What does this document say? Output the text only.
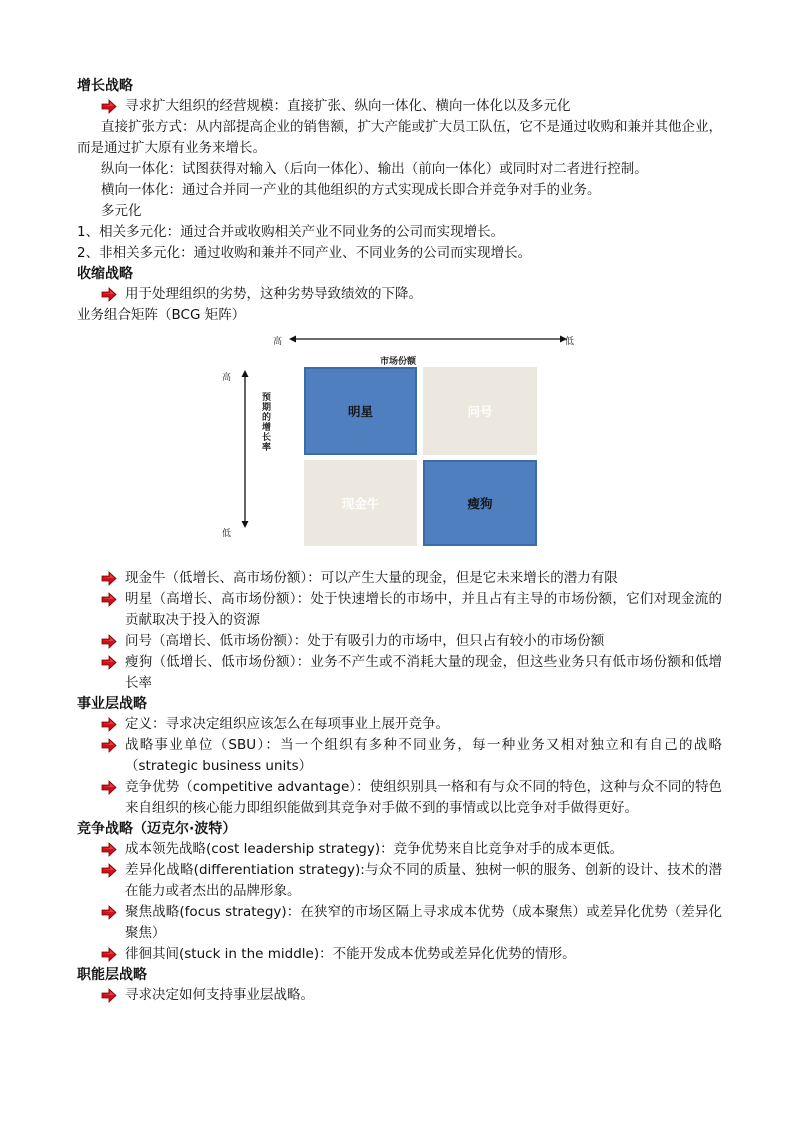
增长战略

寻求扩大组织的经营规模：直接扩张、纵向一体化、横向一体化以及多元化

直接扩张方式：从内部提高企业的销售额，扩大产能或扩大员工队伍，它不是通过收购和兼并其他企业，而是通过扩大原有业务来增长。

纵向一体化：试图获得对输入（后向一体化）、输出（前向一体化）或同时对二者进行控制。

横向一体化：通过合并同一产业的其他组织的方式实现成长即合并竞争对手的业务。

多元化

1、相关多元化：通过合并或收购相关产业不同业务的公司而实现增长。

2、非相关多元化：通过收购和兼并不同产业、不同业务的公司而实现增长。

收缩战略

用于处理组织的劣势，这种劣势导致绩效的下降。

业务组合矩阵（BCG 矩阵）

高	低
市场份额
高
低
预期的增长率
明星	问号
现金牛	瘦狗

现金牛（低增长、高市场份额）：可以产生大量的现金，但是它未来增长的潜力有限

明星（高增长、高市场份额）：处于快速增长的市场中，并且占有主导的市场份额，它们对现金流的贡献取决于投入的资源

问号（高增长、低市场份额）：处于有吸引力的市场中，但只占有较小的市场份额

瘦狗（低增长、低市场份额）：业务不产生或不消耗大量的现金，但这些业务只有低市场份额和低增长率

事业层战略

定义：寻求决定组织应该怎么在每项事业上展开竞争。

战略事业单位（SBU）：当一个组织有多种不同业务，每一种业务又相对独立和有自己的战略（strategic business units）

竞争优势（competitive advantage）：使组织别具一格和有与众不同的特色，这种与众不同的特色来自组织的核心能力即组织能做到其竞争对手做不到的事情或以比竞争对手做得更好。

竞争战略（迈克尔·波特）

成本领先战略(cost leadership strategy)：竞争优势来自比竞争对手的成本更低。

差异化战略(differentiation strategy):与众不同的质量、独树一帜的服务、创新的设计、技术的潜在能力或者杰出的品牌形象。

聚焦战略(focus strategy)：在狭窄的市场区隔上寻求成本优势（成本聚焦）或差异化优势（差异化聚焦）

徘徊其间(stuck in the middle)：不能开发成本优势或差异化优势的情形。

职能层战略

寻求决定如何支持事业层战略。
